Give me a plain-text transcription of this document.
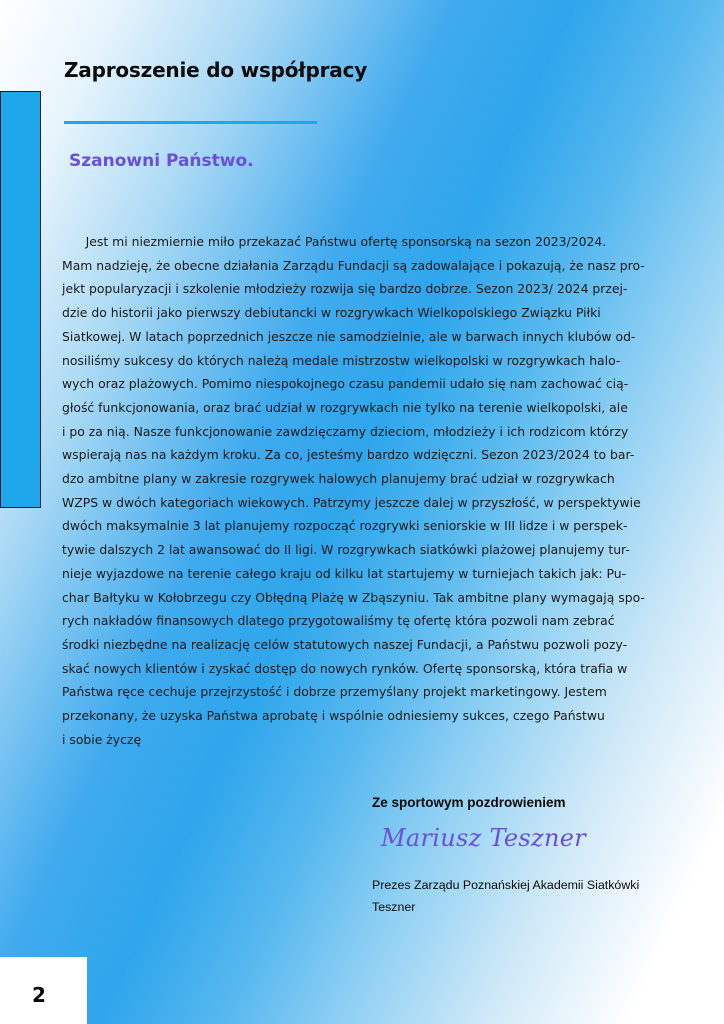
Zaproszenie do współpracy
Szanowni Państwo.

Jest mi niezmiernie miło przekazać Państwu ofertę sponsorską na sezon 2023/2024.
Mam nadzieję, że obecne działania Zarządu Fundacji są zadowalające i pokazują, że nasz pro-
jekt popularyzacji i szkolenie młodzieży rozwija się bardzo dobrze. Sezon 2023/ 2024 przej-
dzie do historii jako pierwszy debiutancki w rozgrywkach Wielkopolskiego Związku Piłki
Siatkowej. W latach poprzednich jeszcze nie samodzielnie, ale w barwach innych klubów od-
nosiliśmy sukcesy do których należą medale mistrzostw wielkopolski w rozgrywkach halo-
wych oraz plażowych. Pomimo niespokojnego czasu pandemii udało się nam zachować cią-
głość funkcjonowania, oraz brać udział w rozgrywkach nie tylko na terenie wielkopolski, ale
i po za nią. Nasze funkcjonowanie zawdzięczamy dzieciom, młodzieży i ich rodzicom którzy
wspierają nas na każdym kroku. Za co, jesteśmy bardzo wdzięczni. Sezon 2023/2024 to bar-
dzo ambitne plany w zakresie rozgrywek halowych planujemy brać udział w rozgrywkach
WZPS w dwóch kategoriach wiekowych. Patrzymy jeszcze dalej w przyszłość, w perspektywie
dwóch maksymalnie 3 lat planujemy rozpocząć rozgrywki seniorskie w III lidze i w perspek-
tywie dalszych 2 lat awansować do II ligi. W rozgrywkach siatkówki plażowej planujemy tur-
nieje wyjazdowe na terenie całego kraju od kilku lat startujemy w turniejach takich jak: Pu-
char Bałtyku w Kołobrzegu czy Obłędną Plażę w Zbąszyniu. Tak ambitne plany wymagają spo-
rych nakładów finansowych dlatego przygotowaliśmy tę ofertę która pozwoli nam zebrać
środki niezbędne na realizację celów statutowych naszej Fundacji, a Państwu pozwoli pozy-
skać nowych klientów i zyskać dostęp do nowych rynków. Ofertę sponsorską, która trafia w
Państwa ręce cechuje przejrzystość i dobrze przemyślany projekt marketingowy. Jestem
przekonany, że uzyska Państwa aprobatę i wspólnie odniesiemy sukces, czego Państwu
i sobie życzę

Ze sportowym pozdrowieniem

Mariusz Teszner

Prezes Zarządu Poznańskiej Akademii Siatkówki Teszner

2
